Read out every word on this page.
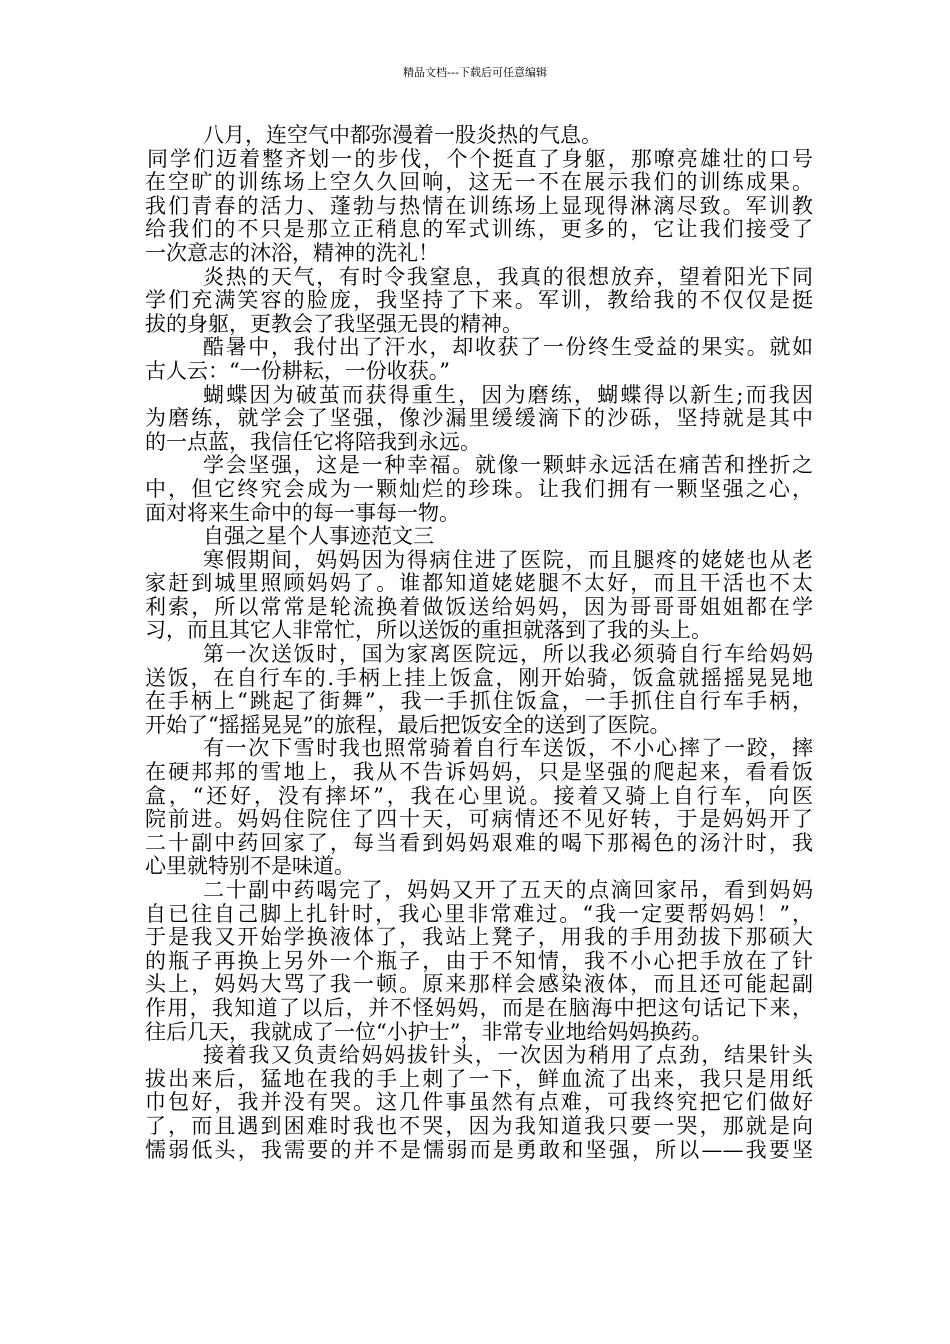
精品文档---下载后可任意编辑
八月，连空气中都弥漫着一股炎热的气息。
同学们迈着整齐划一的步伐，个个挺直了身躯，那嘹亮雄壮的口号
在空旷的训练场上空久久回响，这无一不在展示我们的训练成果。
我们青春的活力、蓬勃与热情在训练场上显现得淋漓尽致。军训教
给我们的不只是那立正稍息的军式训练，更多的，它让我们接受了
一次意志的沐浴，精神的洗礼！
炎热的天气，有时令我窒息，我真的很想放弃，望着阳光下同
学们充满笑容的脸庞，我坚持了下来。军训，教给我的不仅仅是挺
拔的身躯，更教会了我坚强无畏的精神。
酷暑中，我付出了汗水，却收获了一份终生受益的果实。就如
古人云：“一份耕耘，一份收获。”
蝴蝶因为破茧而获得重生，因为磨练，蝴蝶得以新生;而我因
为磨练，就学会了坚强，像沙漏里缓缓滴下的沙砾，坚持就是其中
的一点蓝，我信任它将陪我到永远。
学会坚强，这是一种幸福。就像一颗蚌永远活在痛苦和挫折之
中，但它终究会成为一颗灿烂的珍珠。让我们拥有一颗坚强之心，
面对将来生命中的每一事每一物。
自强之星个人事迹范文三
寒假期间，妈妈因为得病住进了医院，而且腿疼的姥姥也从老
家赶到城里照顾妈妈了。谁都知道姥姥腿不太好，而且干活也不太
利索，所以常常是轮流换着做饭送给妈妈，因为哥哥哥姐姐都在学
习，而且其它人非常忙，所以送饭的重担就落到了我的头上。
第一次送饭时，国为家离医院远，所以我必须骑自行车给妈妈
送饭，在自行车的.手柄上挂上饭盒，刚开始骑，饭盒就摇摇晃晃地
在手柄上“跳起了街舞”，我一手抓住饭盒，一手抓住自行车手柄，
开始了“摇摇晃晃”的旅程，最后把饭安全的送到了医院。
有一次下雪时我也照常骑着自行车送饭，不小心摔了一跤，摔
在硬邦邦的雪地上，我从不告诉妈妈，只是坚强的爬起来，看看饭
盒，“还好，没有摔坏”，我在心里说。接着又骑上自行车，向医
院前进。妈妈住院住了四十天，可病情还不见好转，于是妈妈开了
二十副中药回家了，每当看到妈妈艰难的喝下那褐色的汤汁时，我
心里就特别不是味道。
二十副中药喝完了，妈妈又开了五天的点滴回家吊，看到妈妈
自已往自己脚上扎针时，我心里非常难过。“我一定要帮妈妈！”，
于是我又开始学换液体了，我站上凳子，用我的手用劲拔下那硕大
的瓶子再换上另外一个瓶子，由于不知情，我不小心把手放在了针
头上，妈妈大骂了我一顿。原来那样会感染液体，而且还可能起副
作用，我知道了以后，并不怪妈妈，而是在脑海中把这句话记下来，
往后几天，我就成了一位“小护士”，非常专业地给妈妈换药。
接着我又负责给妈妈拔针头，一次因为稍用了点劲，结果针头
拔出来后，猛地在我的手上刺了一下，鲜血流了出来，我只是用纸
巾包好，我并没有哭。这几件事虽然有点难，可我终究把它们做好
了，而且遇到困难时我也不哭，因为我知道我只要一哭，那就是向
懦弱低头，我需要的并不是懦弱而是勇敢和坚强，所以——我要坚
